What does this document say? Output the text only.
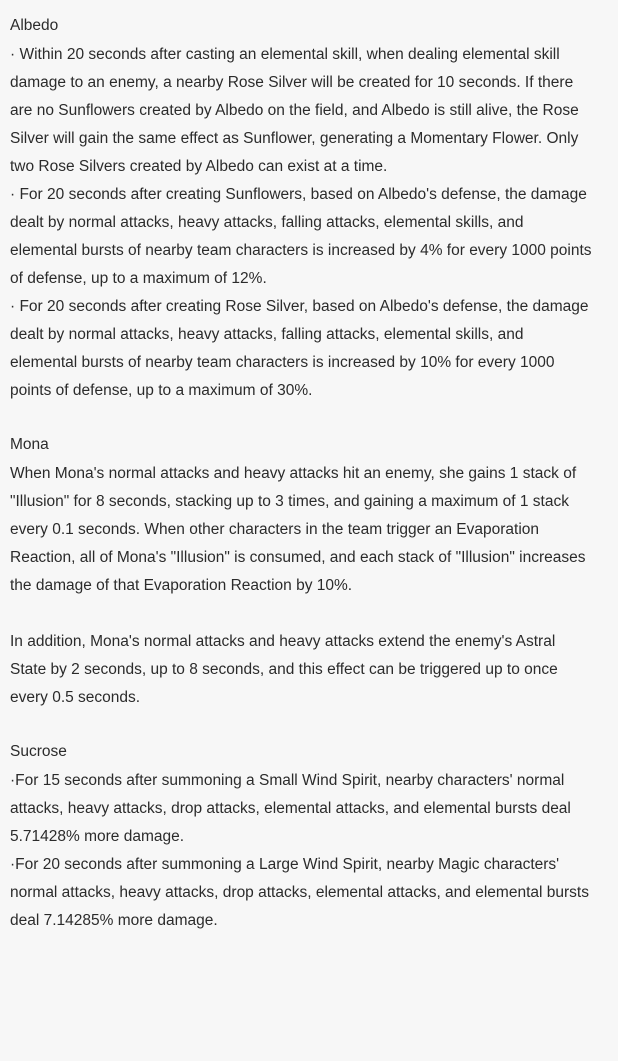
Albedo

· Within 20 seconds after casting an elemental skill, when dealing elemental skill damage to an enemy, a nearby Rose Silver will be created for 10 seconds. If there are no Sunflowers created by Albedo on the field, and Albedo is still alive, the Rose Silver will gain the same effect as Sunflower, generating a Momentary Flower. Only two Rose Silvers created by Albedo can exist at a time.

· For 20 seconds after creating Sunflowers, based on Albedo's defense, the damage dealt by normal attacks, heavy attacks, falling attacks, elemental skills, and elemental bursts of nearby team characters is increased by 4% for every 1000 points of defense, up to a maximum of 12%.

· For 20 seconds after creating Rose Silver, based on Albedo's defense, the damage dealt by normal attacks, heavy attacks, falling attacks, elemental skills, and elemental bursts of nearby team characters is increased by 10% for every 1000 points of defense, up to a maximum of 30%.

Mona

When Mona's normal attacks and heavy attacks hit an enemy, she gains 1 stack of "Illusion" for 8 seconds, stacking up to 3 times, and gaining a maximum of 1 stack every 0.1 seconds. When other characters in the team trigger an Evaporation Reaction, all of Mona's "Illusion" is consumed, and each stack of "Illusion" increases the damage of that Evaporation Reaction by 10%.

In addition, Mona's normal attacks and heavy attacks extend the enemy's Astral State by 2 seconds, up to 8 seconds, and this effect can be triggered up to once every 0.5 seconds.

Sucrose

·For 15 seconds after summoning a Small Wind Spirit, nearby characters' normal attacks, heavy attacks, drop attacks, elemental attacks, and elemental bursts deal 5.71428% more damage.

·For 20 seconds after summoning a Large Wind Spirit, nearby Magic characters' normal attacks, heavy attacks, drop attacks, elemental attacks, and elemental bursts deal 7.14285% more damage.
